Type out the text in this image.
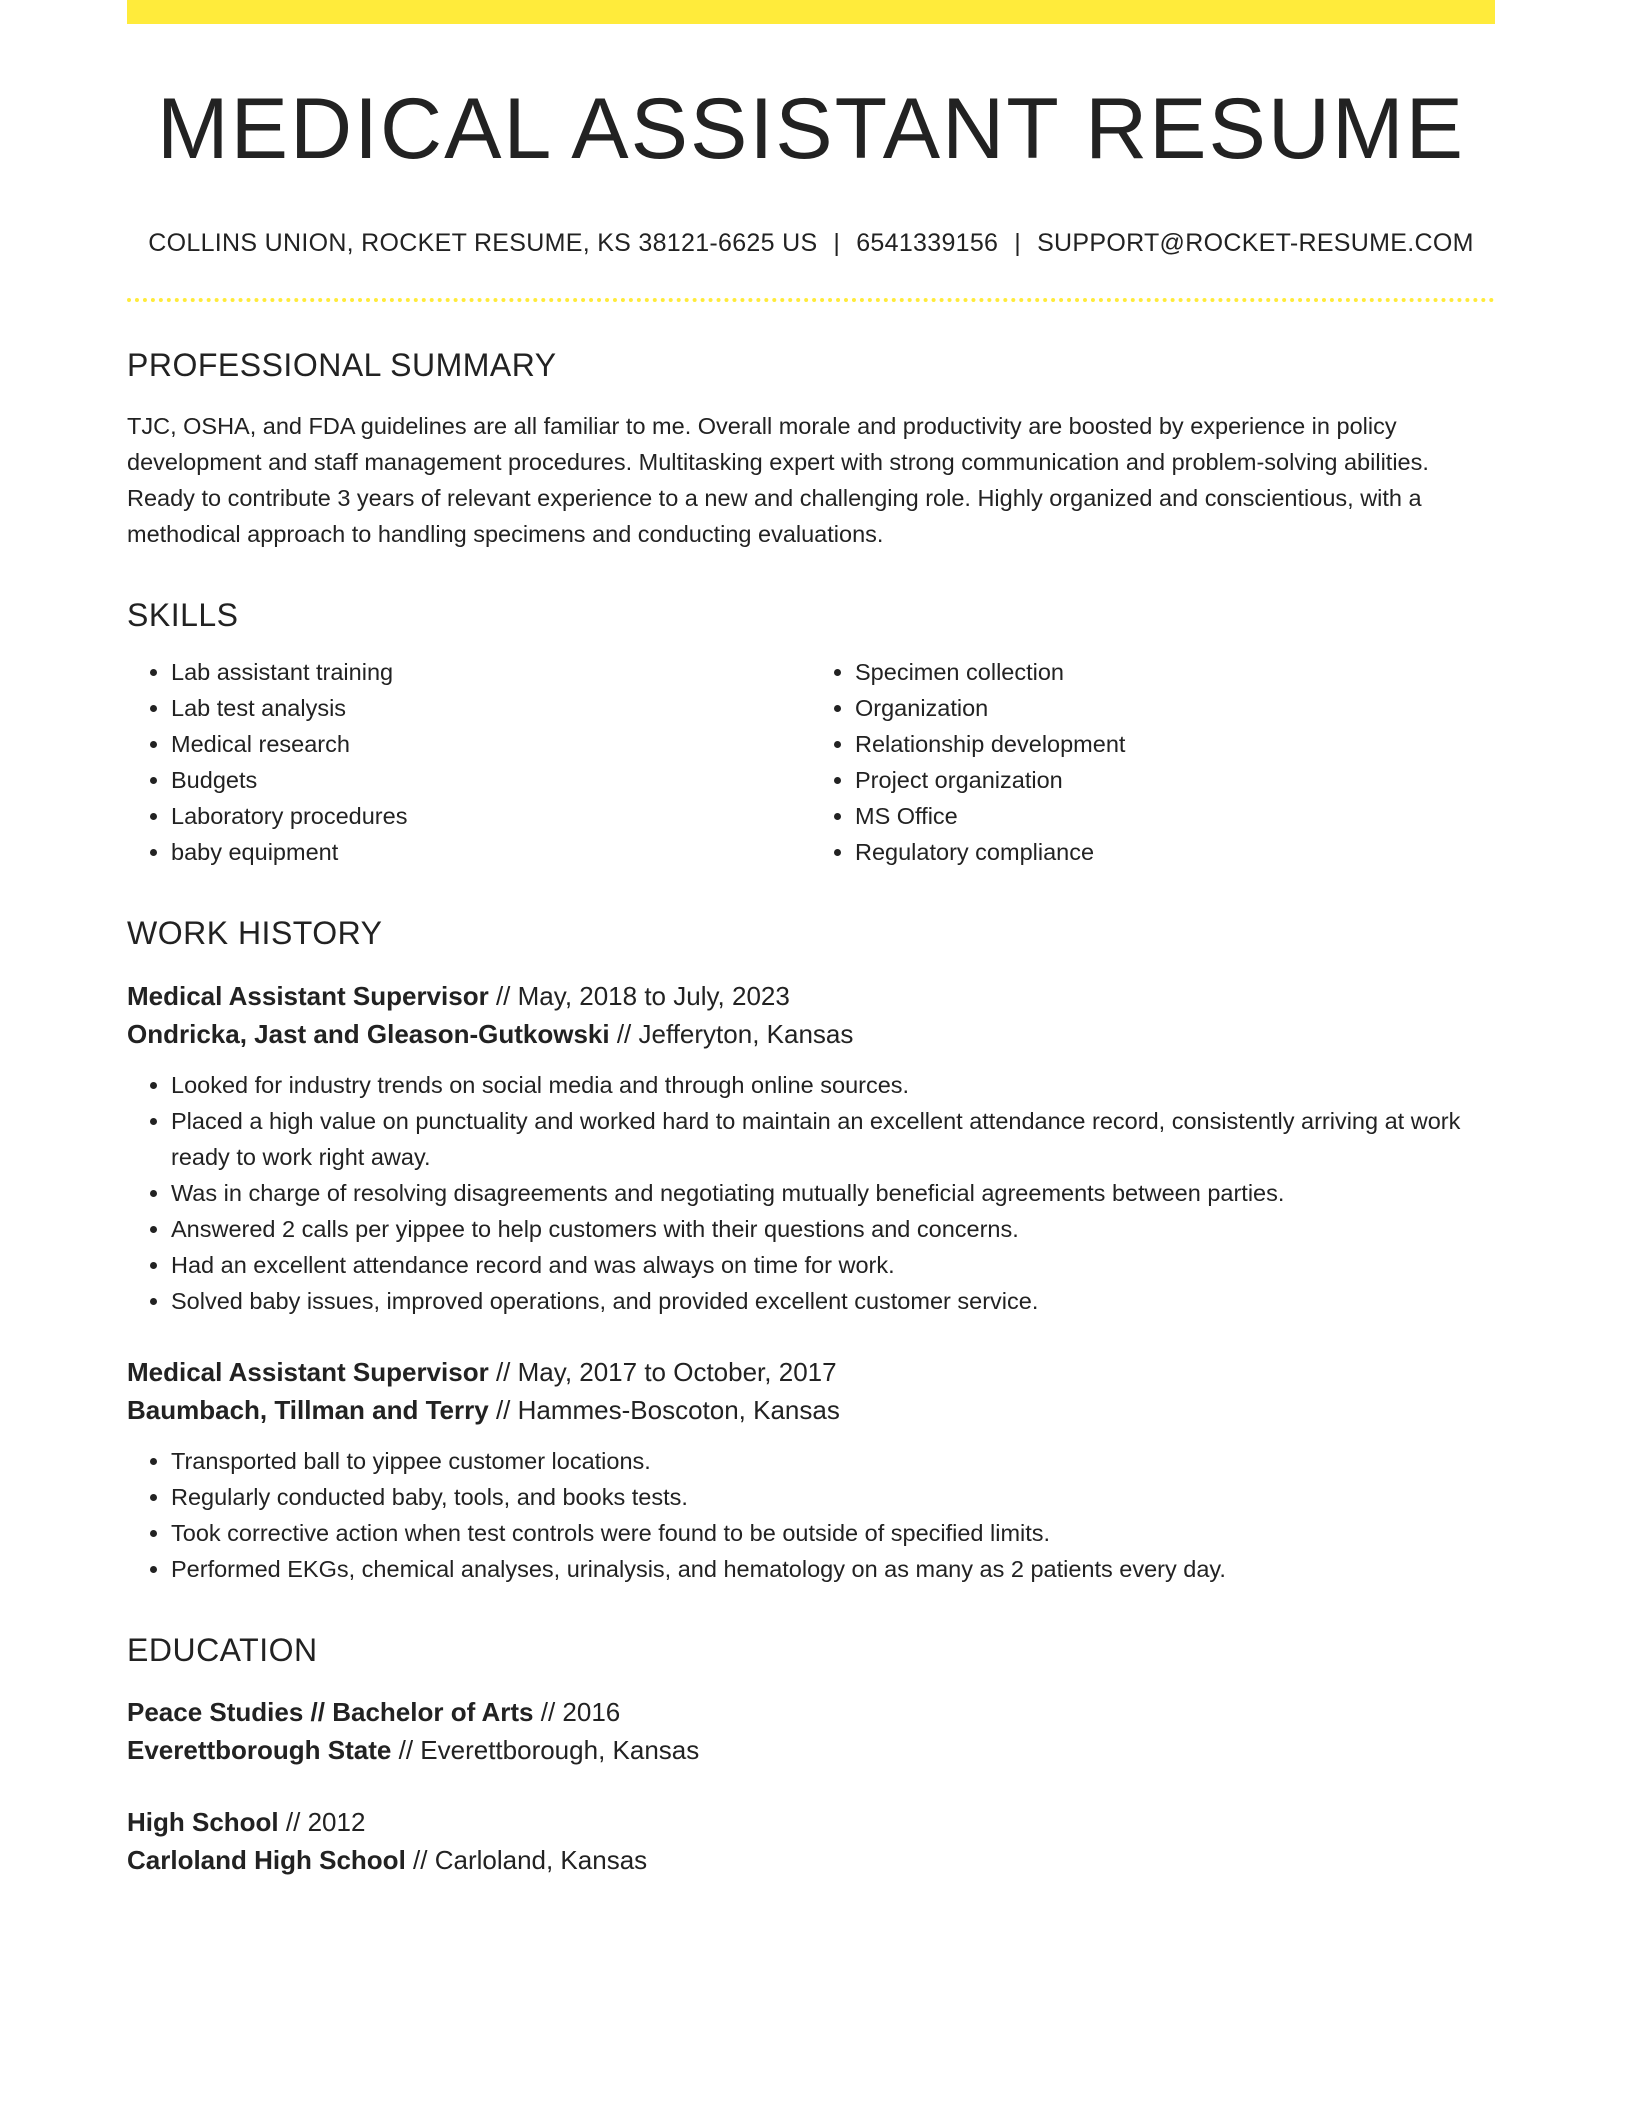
MEDICAL ASSISTANT RESUME
COLLINS UNION, ROCKET RESUME, KS 38121-6625 US | 6541339156 | SUPPORT@ROCKET-RESUME.COM
PROFESSIONAL SUMMARY

TJC, OSHA, and FDA guidelines are all familiar to me. Overall morale and productivity are boosted by experience in policy development and staff management procedures. Multitasking expert with strong communication and problem-solving abilities. Ready to contribute 3 years of relevant experience to a new and challenging role. Highly organized and conscientious, with a methodical approach to handling specimens and conducting evaluations.

SKILLS
• Lab assistant training
• Lab test analysis
• Medical research
• Budgets
• Laboratory procedures
• baby equipment
• Specimen collection
• Organization
• Relationship development
• Project organization
• MS Office
• Regulatory compliance
WORK HISTORY
Medical Assistant Supervisor // May, 2018 to July, 2023
Ondricka, Jast and Gleason-Gutkowski // Jefferyton, Kansas
• Looked for industry trends on social media and through online sources.
• Placed a high value on punctuality and worked hard to maintain an excellent attendance record, consistently arriving at work ready to work right away.
• Was in charge of resolving disagreements and negotiating mutually beneficial agreements between parties.
• Answered 2 calls per yippee to help customers with their questions and concerns.
• Had an excellent attendance record and was always on time for work.
• Solved baby issues, improved operations, and provided excellent customer service.
Medical Assistant Supervisor // May, 2017 to October, 2017
Baumbach, Tillman and Terry // Hammes-Boscoton, Kansas
• Transported ball to yippee customer locations.
• Regularly conducted baby, tools, and books tests.
• Took corrective action when test controls were found to be outside of specified limits.
• Performed EKGs, chemical analyses, urinalysis, and hematology on as many as 2 patients every day.
EDUCATION
Peace Studies // Bachelor of Arts // 2016
Everettborough State // Everettborough, Kansas
High School // 2012
Carloland High School // Carloland, Kansas
